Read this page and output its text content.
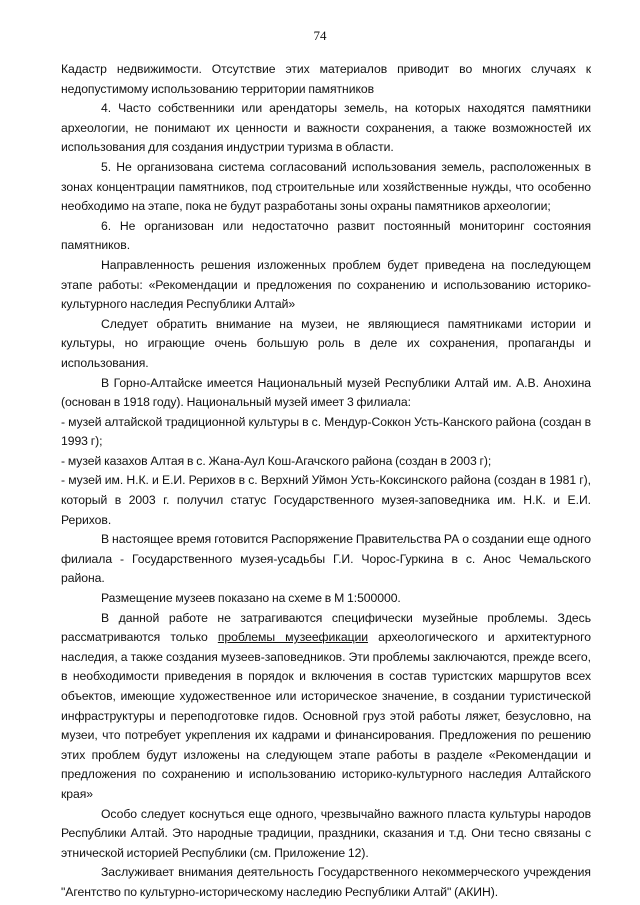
74

Кадастр недвижимости. Отсутствие этих материалов приводит во многих случаях к недопустимому использованию территории памятников

4. Часто собственники или арендаторы земель, на которых находятся памятники археологии, не понимают их ценности и важности сохранения, а также возможностей их использования для создания индустрии туризма в области.

5. Не организована система согласований использования земель, расположенных в зонах концентрации памятников, под строительные или хозяйственные нужды, что особенно необходимо на этапе, пока не будут разработаны зоны охраны памятников археологии;

6. Не организован или недостаточно развит постоянный мониторинг состояния памятников.

Направленность решения изложенных проблем будет приведена на последующем этапе работы: «Рекомендации и предложения по сохранению и использованию историко-культурного наследия Республики Алтай»

Следует обратить внимание на музеи, не являющиеся памятниками истории и культуры, но играющие очень большую роль в деле их сохранения, пропаганды и использования.

В Горно-Алтайске имеется Национальный музей Республики Алтай им. А.В. Анохина (основан в 1918 году). Национальный музей имеет 3 филиала:

- музей алтайской традиционной культуры в с. Мендур-Соккон Усть-Канского района (создан в 1993 г);

- музей казахов Алтая в с. Жана-Аул Кош-Агачского района (создан в 2003 г);

- музей им. Н.К. и Е.И. Рерихов в с. Верхний Уймон Усть-Коксинского района (создан в 1981 г), который в 2003 г. получил статус Государственного музея-заповедника им. Н.К. и Е.И. Рерихов.

В настоящее время готовится Распоряжение Правительства РА о создании еще одного филиала - Государственного музея-усадьбы Г.И. Чорос-Гуркина в с. Анос Чемальского района.

Размещение музеев показано на схеме в М 1:500000.

В данной работе не затрагиваются специфически музейные проблемы. Здесь рассматриваются только проблемы музеефикации археологического и архитектурного наследия, а также создания музеев-заповедников. Эти проблемы заключаются, прежде всего, в необходимости приведения в порядок и включения в состав туристских маршрутов всех объектов, имеющие художественное или историческое значение, в создании туристической инфраструктуры и переподготовке гидов. Основной груз этой работы ляжет, безусловно, на музеи, что потребует укрепления их кадрами и финансирования. Предложения по решению этих проблем будут изложены на следующем этапе работы в разделе «Рекомендации и предложения по сохранению и использованию историко-культурного наследия Алтайского края»

Особо следует коснуться еще одного, чрезвычайно важного пласта культуры народов Республики Алтай. Это народные традиции, праздники, сказания и т.д. Они тесно связаны с этнической историей Республики (см. Приложение 12).

Заслуживает внимания деятельность Государственного некоммерческого учреждения "Агентство по культурно-историческому наследию Республики Алтай" (АКИН).
